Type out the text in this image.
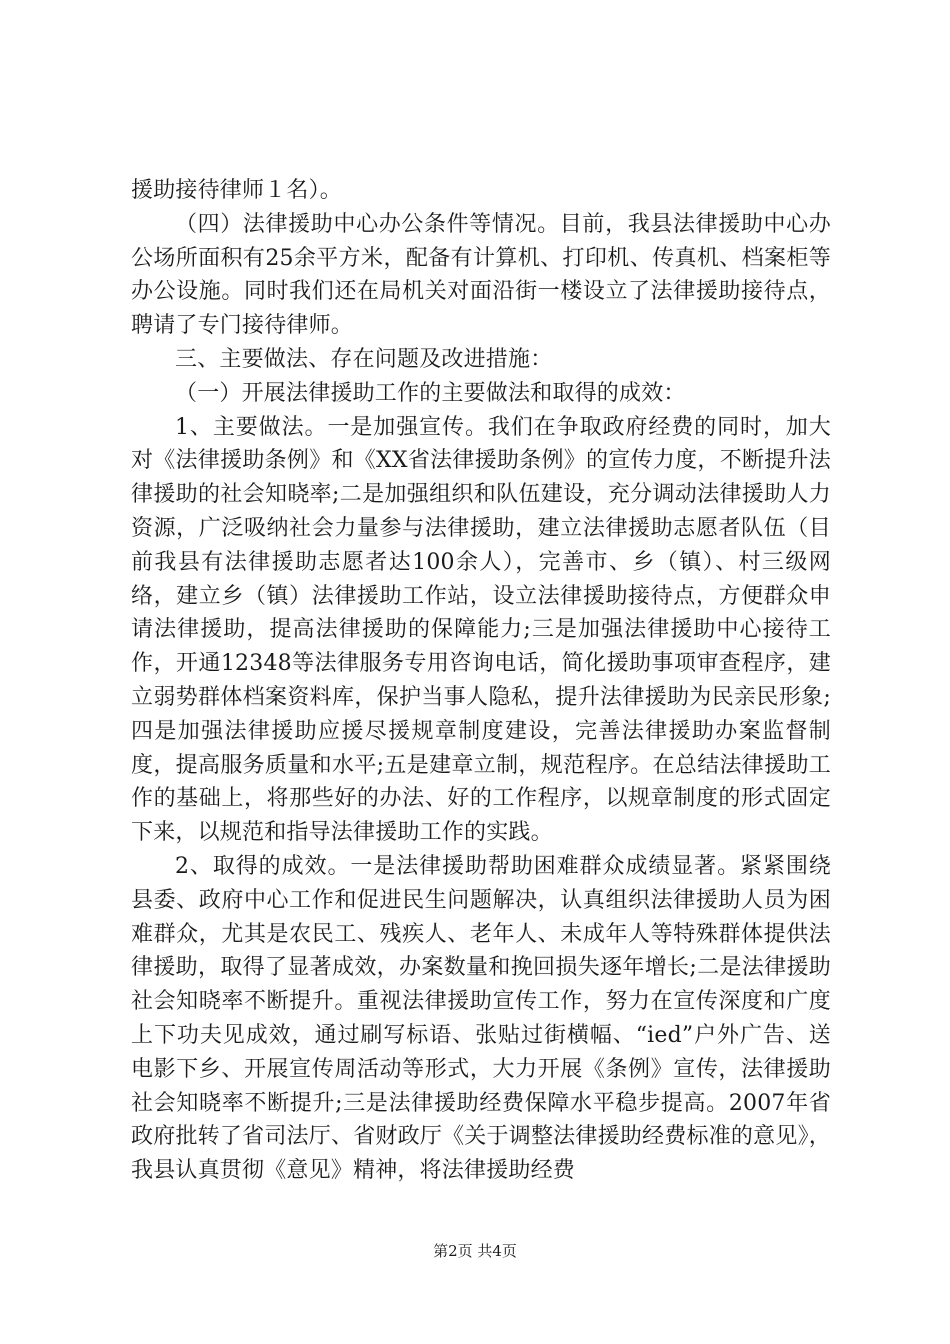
援助接待律师１名）。

（四）法律援助中心办公条件等情况。目前，我县法律援助中心办公场所面积有25余平方米，配备有计算机、打印机、传真机、档案柜等办公设施。同时我们还在局机关对面沿街一楼设立了法律援助接待点，聘请了专门接待律师。

三、主要做法、存在问题及改进措施：

（一）开展法律援助工作的主要做法和取得的成效：

1、主要做法。一是加强宣传。我们在争取政府经费的同时，加大对《法律援助条例》和《XX省法律援助条例》的宣传力度，不断提升法律援助的社会知晓率;二是加强组织和队伍建设，充分调动法律援助人力资源，广泛吸纳社会力量参与法律援助，建立法律援助志愿者队伍（目前我县有法律援助志愿者达100余人），完善市、乡（镇）、村三级网络，建立乡（镇）法律援助工作站，设立法律援助接待点，方便群众申请法律援助，提高法律援助的保障能力;三是加强法律援助中心接待工作，开通12348等法律服务专用咨询电话，简化援助事项审查程序，建立弱势群体档案资料库，保护当事人隐私，提升法律援助为民亲民形象;四是加强法律援助应援尽援规章制度建设，完善法律援助办案监督制度，提高服务质量和水平;五是建章立制，规范程序。在总结法律援助工作的基础上，将那些好的办法、好的工作程序，以规章制度的形式固定下来，以规范和指导法律援助工作的实践。

2、取得的成效。一是法律援助帮助困难群众成绩显著。紧紧围绕县委、政府中心工作和促进民生问题解决，认真组织法律援助人员为困难群众，尤其是农民工、残疾人、老年人、未成年人等特殊群体提供法律援助，取得了显著成效，办案数量和挽回损失逐年增长;二是法律援助社会知晓率不断提升。重视法律援助宣传工作，努力在宣传深度和广度上下功夫见成效，通过刷写标语、张贴过街横幅、“ied”户外广告、送电影下乡、开展宣传周活动等形式，大力开展《条例》宣传，法律援助社会知晓率不断提升;三是法律援助经费保障水平稳步提高。2007年省政府批转了省司法厅、省财政厅《关于调整法律援助经费标准的意见》，我县认真贯彻《意见》精神，将法律援助经费

第2页 共4页
